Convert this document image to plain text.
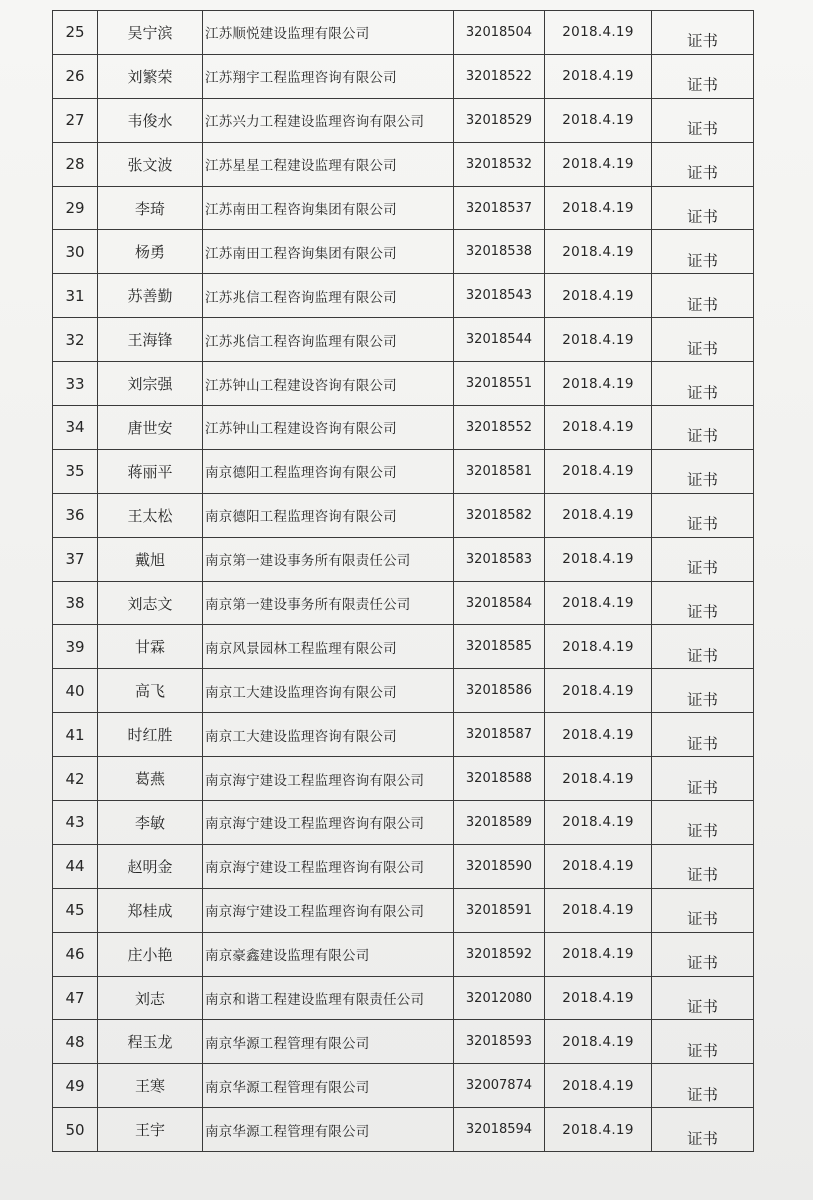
25	吴宁滨	江苏顺悦建设监理有限公司	32018504	2018.4.19	证书
26	刘繁荣	江苏翔宇工程监理咨询有限公司	32018522	2018.4.19	证书
27	韦俊水	江苏兴力工程建设监理咨询有限公司	32018529	2018.4.19	证书
28	张文波	江苏星星工程建设监理有限公司	32018532	2018.4.19	证书
29	李琦	江苏南田工程咨询集团有限公司	32018537	2018.4.19	证书
30	杨勇	江苏南田工程咨询集团有限公司	32018538	2018.4.19	证书
31	苏善勤	江苏兆信工程咨询监理有限公司	32018543	2018.4.19	证书
32	王海锋	江苏兆信工程咨询监理有限公司	32018544	2018.4.19	证书
33	刘宗强	江苏钟山工程建设咨询有限公司	32018551	2018.4.19	证书
34	唐世安	江苏钟山工程建设咨询有限公司	32018552	2018.4.19	证书
35	蒋丽平	南京德阳工程监理咨询有限公司	32018581	2018.4.19	证书
36	王太松	南京德阳工程监理咨询有限公司	32018582	2018.4.19	证书
37	戴旭	南京第一建设事务所有限责任公司	32018583	2018.4.19	证书
38	刘志文	南京第一建设事务所有限责任公司	32018584	2018.4.19	证书
39	甘霖	南京风景园林工程监理有限公司	32018585	2018.4.19	证书
40	高飞	南京工大建设监理咨询有限公司	32018586	2018.4.19	证书
41	时红胜	南京工大建设监理咨询有限公司	32018587	2018.4.19	证书
42	葛燕	南京海宁建设工程监理咨询有限公司	32018588	2018.4.19	证书
43	李敏	南京海宁建设工程监理咨询有限公司	32018589	2018.4.19	证书
44	赵明金	南京海宁建设工程监理咨询有限公司	32018590	2018.4.19	证书
45	郑桂成	南京海宁建设工程监理咨询有限公司	32018591	2018.4.19	证书
46	庄小艳	南京豪鑫建设监理有限公司	32018592	2018.4.19	证书
47	刘志	南京和谐工程建设监理有限责任公司	32012080	2018.4.19	证书
48	程玉龙	南京华源工程管理有限公司	32018593	2018.4.19	证书
49	王寒	南京华源工程管理有限公司	32007874	2018.4.19	证书
50	王宇	南京华源工程管理有限公司	32018594	2018.4.19	证书
